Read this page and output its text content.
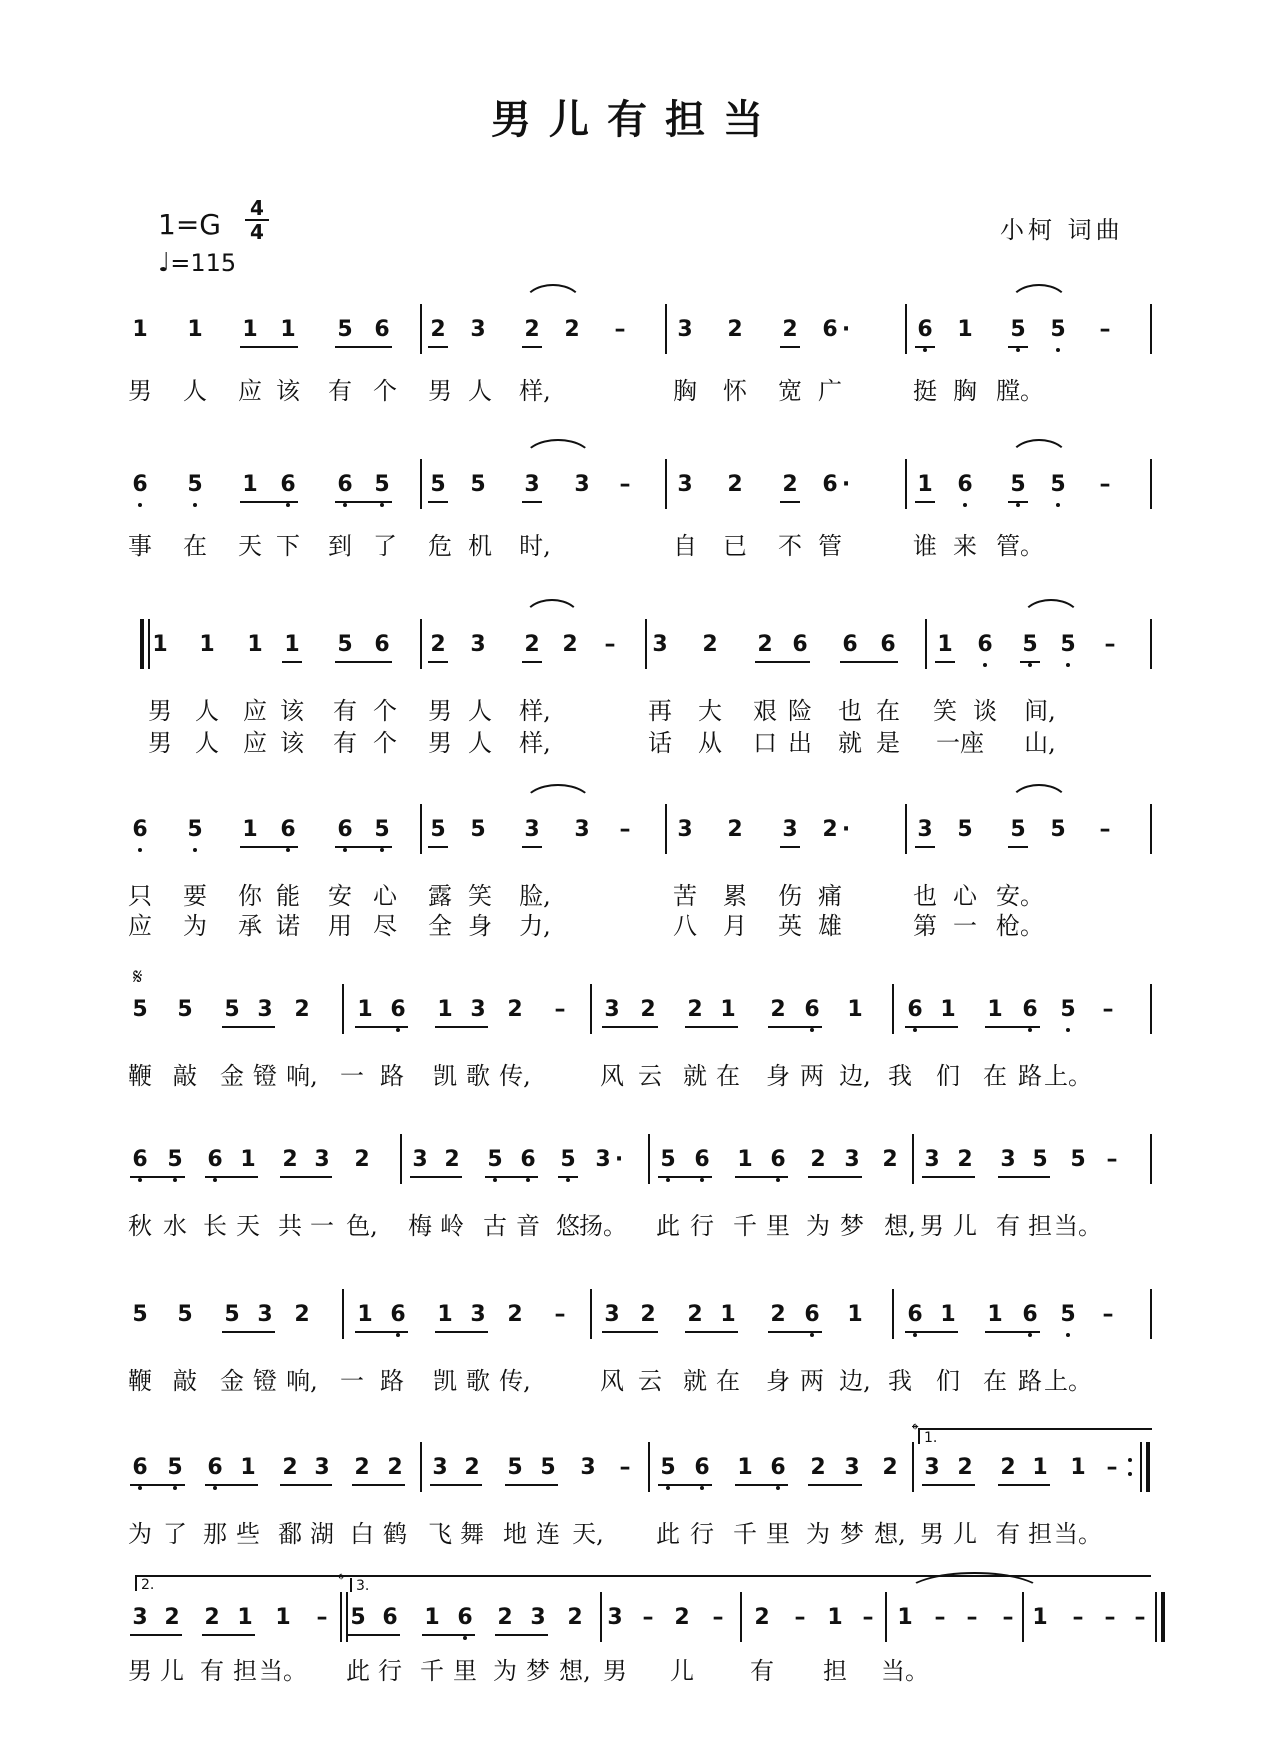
男儿有担当
1=G 4
4
♩=115
小柯 词曲
1 1 1 1 5 6 2 3 2 2 – 3 2 2 6 ·	6 1 5 5 –
男 人 应 该 有 个 男 人 样,	胸 怀 宽 广	挺 胸 膛。
6 5 1 6 6 5 5 5 3 3 – 3 2 2 6 ·	1 6 5 5 –
事 在 天 下 到 了 危 机 时,	自 已 不 管	谁 来 管。
1 1 1 1 5 6 2 3 2 2 – 3 2 2 6 6 6 1 6 5 5 –
男 人 应 该 有 个 男 人 样,	再 大 艰 险 也 在 笑 谈 间,
男 人 应 该 有 个 男 人 样,	话 从 口 出 就 是 一座 山,
6 5 1 6 6 5 5 5 3 3 – 3 2 3 2 ·	3 5 5 5 –
只 要 你 能 安 心 露 笑 脸,	苦 累 伤 痛	也 心 安。
应 为 承 诺 用 尽 全 身 力,	八 月 英 雄	第 一 枪。
𝄋
5 5 5 3 2 1 6 1 3 2 – 3 2 2 1 2 6 1 6 1 1 6 5 –
鞭 敲 金 镫 响, 一 路 凯 歌 传,	风 云 就 在 身 两 边, 我 们 在 路 上。
6 5 6 1 2 3 2 3 2 5 6 5 3 · 5 6 1 6 2 3 2 3 2 3 5 5 –
秋 水 长 天 共 一 色, 梅 岭 古 音 悠 扬。 此 行 千 里 为 梦 想, 男 儿 有 担 当。
5 5 5 3 2 1 6 1 3 2 – 3 2 2 1 2 6 1 6 1 1 6 5 –
鞭 敲 金 镫 响, 一 路 凯 歌 传,	风 云 就 在 身 两 边, 我 们 在 路 上。
1.
𝄌
6 5 6 1 2 3 2 2 3 2 5 5 3 – 5 6 1 6 2 3 2 3 2 2 1 1 –
为 了 那 些 鄱 湖 白 鹤 飞 舞 地 连 天, 此 行 千 里 为 梦 想, 男 儿 有 担 当。
2.	3.
𝄌
3 2 2 1 1 – 5 6 1 6 2 3 2 3 – 2 – 2 – 1 – 1 – – – 1 – – –
男 儿 有 担 当。 此 行 千 里 为 梦 想, 男 儿 有 担 当。
